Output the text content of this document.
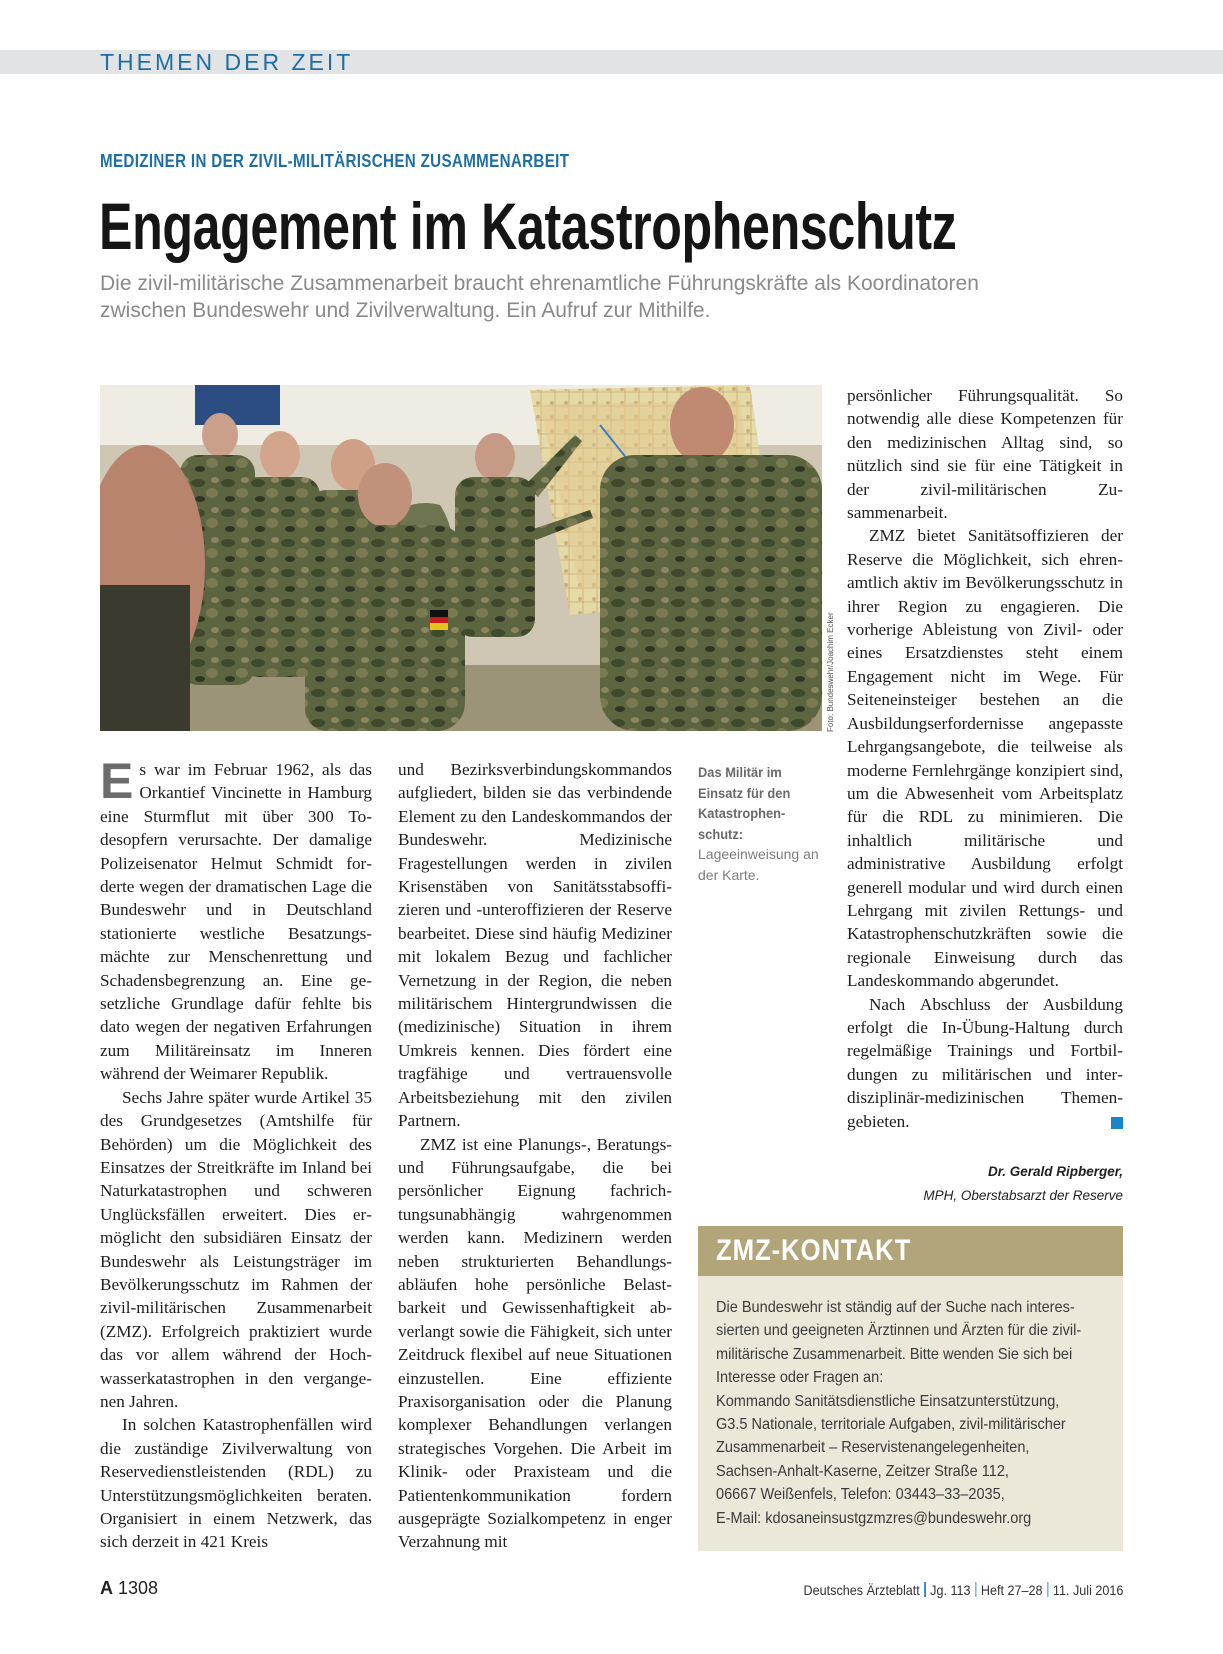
THEMEN DER ZEIT
MEDIZINER IN DER ZIVIL-MILITÄRISCHEN ZUSAMMENARBEIT
Engagement im Katastrophenschutz
Die zivil-militärische Zusammenarbeit braucht ehrenamtliche Führungskräfte als Koordinatoren
zwischen Bundeswehr und Zivilverwaltung. Ein Aufruf zur Mithilfe.
Foto: Bundeswehr/Joachim Ecker

Es war im Februar 1962, als das Orkantief Vincinette in Hamburg eine Sturmflut mit über 300 Todesopfern verursachte. Der damalige Polizeisenator Helmut Schmidt forderte wegen der dramatischen Lage die Bundeswehr und in Deutschland stationierte westliche Besatzungsmächte zur Menschenrettung und Schadensbegrenzung an. Eine gesetzliche Grundlage dafür fehlte bis dato wegen der negativen Erfahrungen zum Militäreinsatz im Inneren während der Weimarer Republik.

Sechs Jahre später wurde Artikel 35 des Grundgesetzes (Amtshilfe für Behörden) um die Möglichkeit des Einsatzes der Streitkräfte im Inland bei Naturkatastrophen und schweren Unglücksfällen erweitert. Dies ermöglicht den subsidiären Einsatz der Bundeswehr als Leistungsträger im Bevölkerungsschutz im Rahmen der zivil-militärischen Zusammenarbeit (ZMZ). Erfolgreich praktiziert wurde das vor allem während der Hochwasserkatastrophen in den vergangenen Jahren.

In solchen Katastrophenfällen wird die zuständige Zivilverwaltung von Reservedienstleistenden (RDL) zu Unterstützungsmöglichkeiten beraten. Organisiert in einem Netzwerk, das sich derzeit in 421 Kreis

und Bezirksverbindungskommandos aufgliedert, bilden sie das verbindende Element zu den Landeskommandos der Bundeswehr. Medizinische Fragestellungen werden in zivilen Krisenstäben von Sanitätsstabsoffizieren und -unteroffizieren der Reserve bearbeitet. Diese sind häufig Mediziner mit lokalem Bezug und fachlicher Vernetzung in der Region, die neben militärischem Hintergrundwissen die (medizinische) Situation in ihrem Umkreis kennen. Dies fördert eine tragfähige und vertrauensvolle Arbeitsbeziehung mit den zivilen Partnern.

ZMZ ist eine Planungs-, Beratungs- und Führungsaufgabe, die bei persönlicher Eignung fachrichtungsunabhängig wahrgenommen werden kann. Medizinern werden neben strukturierten Behandlungsabläufen hohe persönliche Belastbarkeit und Gewissenhaftigkeit abverlangt sowie die Fähigkeit, sich unter Zeitdruck flexibel auf neue Situationen einzustellen. Eine effiziente Praxisorganisation oder die Planung komplexer Behandlungen verlangen strategisches Vorgehen. Die Arbeit im Klinik- oder Praxisteam und die Patientenkommunikation fordern ausgeprägte Sozialkompetenz in enger Verzahnung mit

Das Militär im Einsatz für den Katastrophen- schutz:
Lageeinweisung an der Karte.

persönlicher Führungsqualität. So notwendig alle diese Kompetenzen für den medizinischen Alltag sind, so nützlich sind sie für eine Tätigkeit in der zivil-militärischen Zusammenarbeit.

ZMZ bietet Sanitätsoffizieren der Reserve die Möglichkeit, sich ehrenamtlich aktiv im Bevölkerungsschutz in ihrer Region zu engagieren. Die vorherige Ableistung von Zivil- oder eines Ersatzdienstes steht einem Engagement nicht im Wege. Für Seiteneinsteiger bestehen an die Ausbildungserfordernisse angepasste Lehrgangsangebote, die teilweise als moderne Fernlehrgänge konzipiert sind, um die Abwesenheit vom Arbeitsplatz für die RDL zu minimieren. Die inhaltlich militärische und administrative Ausbildung erfolgt generell modular und wird durch einen Lehrgang mit zivilen Rettungs- und Katastrophenschutzkräften sowie die regionale Einweisung durch das Landeskommando abgerundet.

Nach Abschluss der Ausbildung erfolgt die In-Übung-Haltung durch regelmäßige Trainings und Fortbildungen zu militärischen und interdisziplinär-medizinischen Themengebieten.

Dr. Gerald Ripberger,
MPH, Oberstabsarzt der Reserve
ZMZ-KONTAKT
Die Bundeswehr ist ständig auf der Suche nach interes-
sierten und geeigneten Ärztinnen und Ärzten für die zivil-
militärische Zusammenarbeit. Bitte wenden Sie sich bei
Interesse oder Fragen an:
Kommando Sanitätsdienstliche Einsatzunterstützung,
G3.5 Nationale, territoriale Aufgaben, zivil-militärischer
Zusammenarbeit – Reservistenangelegenheiten,
Sachsen-Anhalt-Kaserne, Zeitzer Straße 112,
06667 Weißenfels, Telefon: 03443–33–2035,
E-Mail: kdosaneinsustgzmzres@bundeswehr.org
A 1308	Deutsches Ärzteblatt Jg. 113 Heft 27–28 11. Juli 2016
